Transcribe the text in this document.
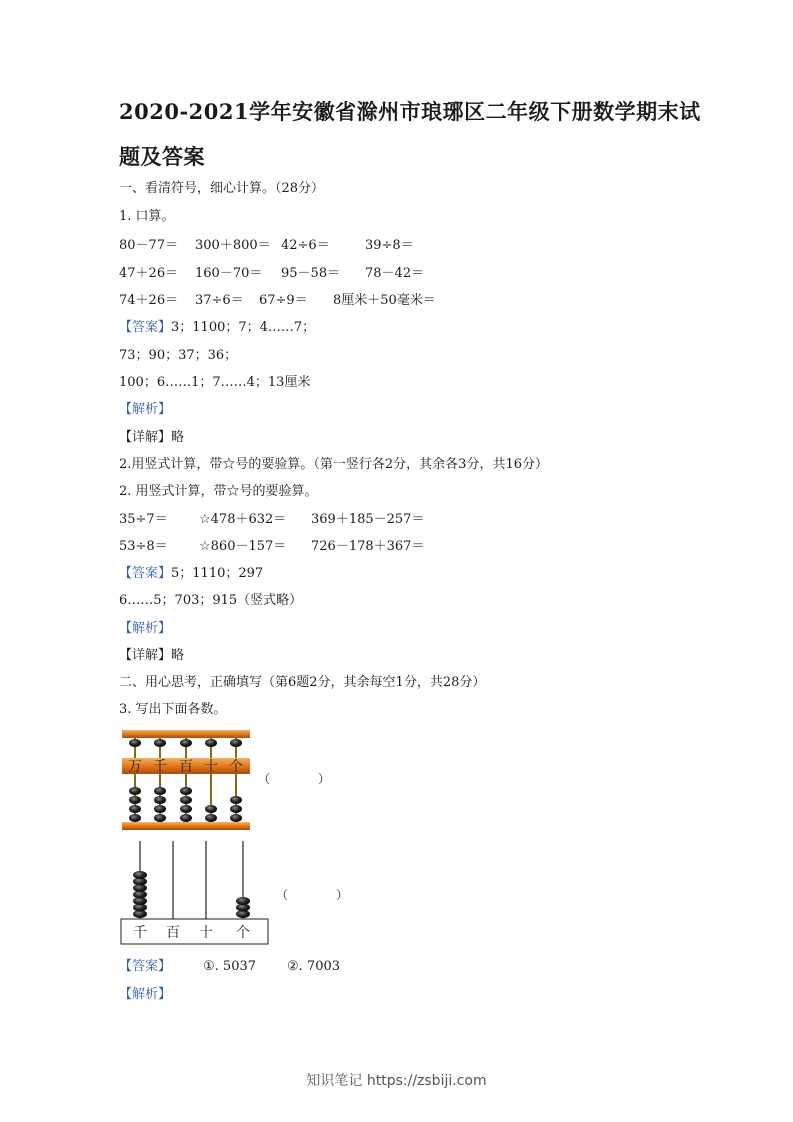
2020-2021学年安徽省滁州市琅琊区二年级下册数学期末试
题及答案
一、看清符号，细心计算。（28分）
1. 口算。
80－77＝ 300＋800＝ 42÷6＝	39÷8＝
47＋26＝ 160－70＝ 95－58＝ 78－42＝
74＋26＝ 37÷6＝ 67÷9＝ 8厘米＋50毫米＝
【答案】3；1100；7；4……7；
73；90；37；36；
100；6……1；7……4；13厘米
【解析】
【详解】略
2.用竖式计算，带☆号的要验算。（第一竖行各2分，其余各3分，共16分）
2. 用竖式计算，带☆号的要验算。
35÷7＝ ☆478＋632＝ 369＋185－257＝
53÷8＝ ☆860－157＝ 726－178＋367＝
【答案】5；1110；297
6……5；703；915（竖式略）
【解析】
【详解】略
二、用心思考，正确填写（第6题2分，其余每空1分，共28分）
3. 写出下面各数。
万 千 百 十 个
（　　　　）
千 百 十 个
（　　　　）
【答案】 ①. 5037 ②. 7003
【解析】
知识笔记 https://zsbiji.com
